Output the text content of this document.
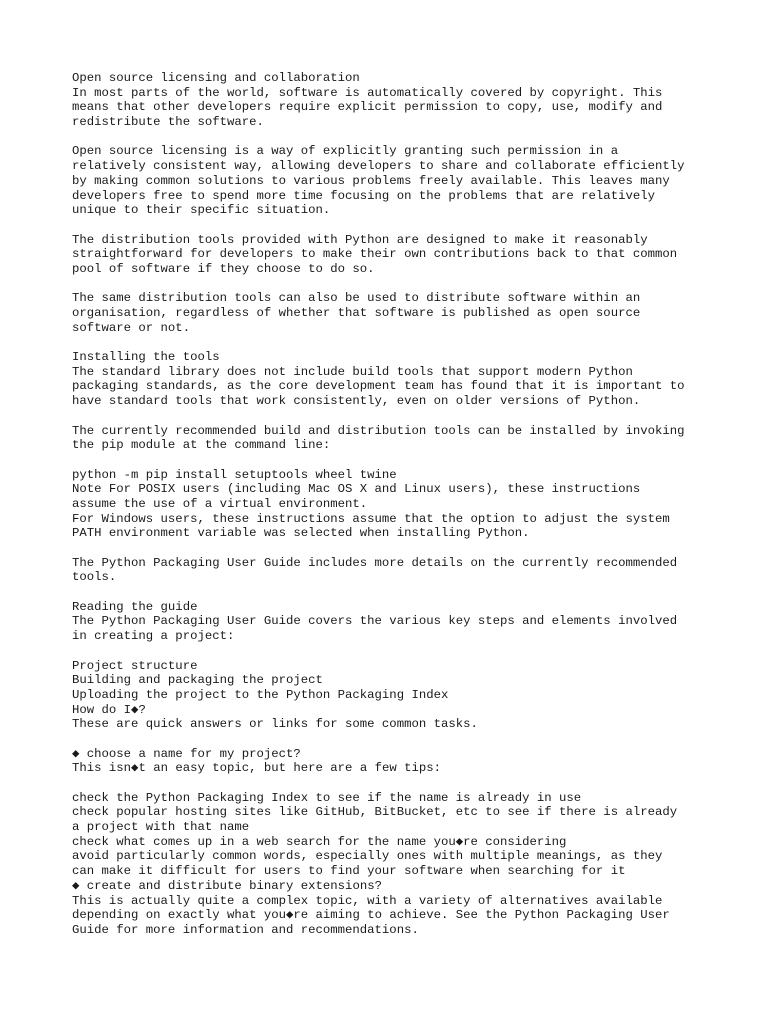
Open source licensing and collaboration
In most parts of the world, software is automatically covered by copyright. This
means that other developers require explicit permission to copy, use, modify and
redistribute the software.
Open source licensing is a way of explicitly granting such permission in a
relatively consistent way, allowing developers to share and collaborate efficiently
by making common solutions to various problems freely available. This leaves many
developers free to spend more time focusing on the problems that are relatively
unique to their specific situation.
The distribution tools provided with Python are designed to make it reasonably
straightforward for developers to make their own contributions back to that common
pool of software if they choose to do so.
The same distribution tools can also be used to distribute software within an
organisation, regardless of whether that software is published as open source
software or not.
Installing the tools
The standard library does not include build tools that support modern Python
packaging standards, as the core development team has found that it is important to
have standard tools that work consistently, even on older versions of Python.
The currently recommended build and distribution tools can be installed by invoking
the pip module at the command line:
python -m pip install setuptools wheel twine
Note For POSIX users (including Mac OS X and Linux users), these instructions
assume the use of a virtual environment.
For Windows users, these instructions assume that the option to adjust the system
PATH environment variable was selected when installing Python.
The Python Packaging User Guide includes more details on the currently recommended
tools.
Reading the guide
The Python Packaging User Guide covers the various key steps and elements involved
in creating a project:
Project structure
Building and packaging the project
Uploading the project to the Python Packaging Index
How do I◆?
These are quick answers or links for some common tasks.
◆ choose a name for my project?
This isn◆t an easy topic, but here are a few tips:
check the Python Packaging Index to see if the name is already in use
check popular hosting sites like GitHub, BitBucket, etc to see if there is already
a project with that name
check what comes up in a web search for the name you◆re considering
avoid particularly common words, especially ones with multiple meanings, as they
can make it difficult for users to find your software when searching for it
◆ create and distribute binary extensions?
This is actually quite a complex topic, with a variety of alternatives available
depending on exactly what you◆re aiming to achieve. See the Python Packaging User
Guide for more information and recommendations.
